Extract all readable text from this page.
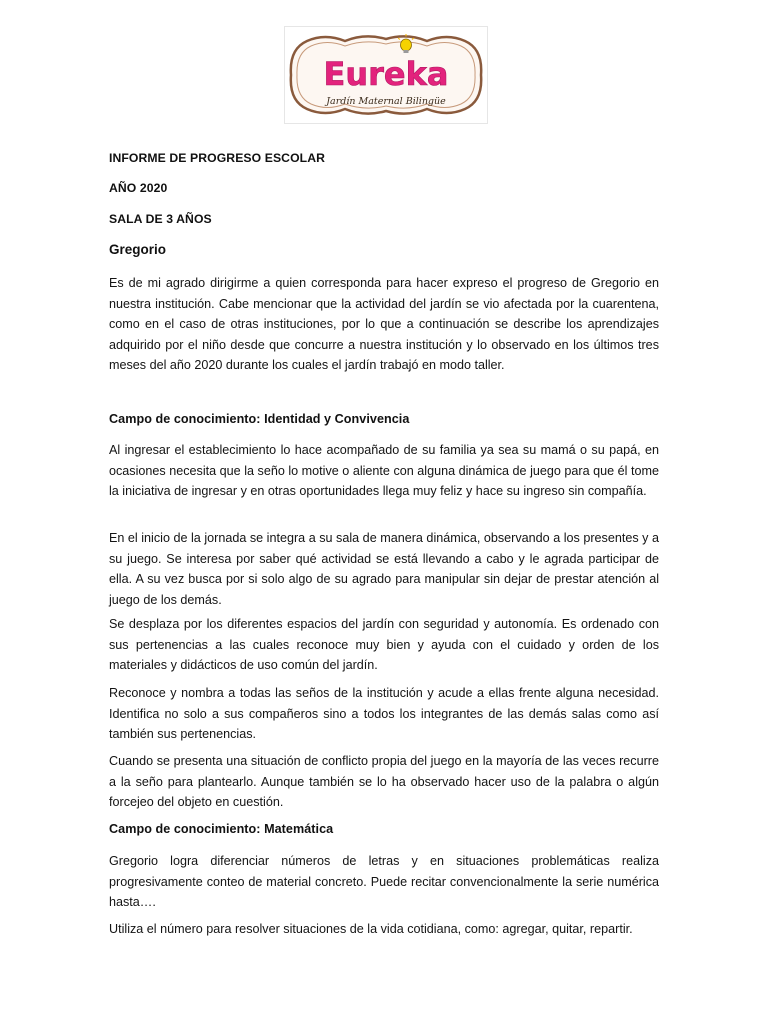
Eureka
Jardín Maternal Bilingüe
INFORME DE PROGRESO ESCOLAR
AÑO 2020
SALA DE 3 AÑOS
Gregorio
Es de mi agrado dirigirme a quien corresponda para hacer expreso el progreso de Gregorio en nuestra institución. Cabe mencionar que la actividad del jardín se vio afectada por la cuarentena, como en el caso de otras instituciones, por lo que a continuación se describe los aprendizajes adquirido por el niño desde que concurre a nuestra institución y lo observado en los últimos tres meses del año 2020 durante los cuales el jardín trabajó en modo taller.
Campo de conocimiento: Identidad y Convivencia
Al ingresar el establecimiento lo hace acompañado de su familia ya sea su mamá o su papá, en ocasiones necesita que la seño lo motive o aliente con alguna dinámica de juego para que él tome la iniciativa de ingresar y en otras oportunidades llega muy feliz y hace su ingreso sin compañía.
En el inicio de la jornada se integra a su sala de manera dinámica, observando a los presentes y a su juego. Se interesa por saber qué actividad se está llevando a cabo y le agrada participar de ella. A su vez busca por si solo algo de su agrado para manipular sin dejar de prestar atención al juego de los demás.
Se desplaza por los diferentes espacios del jardín con seguridad y autonomía. Es ordenado con sus pertenencias a las cuales reconoce muy bien y ayuda con el cuidado y orden de los materiales y didácticos de uso común del jardín.
Reconoce y nombra a todas las seños de la institución y acude a ellas frente alguna necesidad. Identifica no solo a sus compañeros sino a todos los integrantes de las demás salas como así también sus pertenencias.
Cuando se presenta una situación de conflicto propia del juego en la mayoría de las veces recurre a la seño para plantearlo. Aunque también se lo ha observado hacer uso de la palabra o algún forcejeo del objeto en cuestión.
Campo de conocimiento: Matemática
Gregorio logra diferenciar números de letras y en situaciones problemáticas realiza progresivamente conteo de material concreto. Puede recitar convencionalmente la serie numérica hasta….
Utiliza el número para resolver situaciones de la vida cotidiana, como: agregar, quitar, repartir.
